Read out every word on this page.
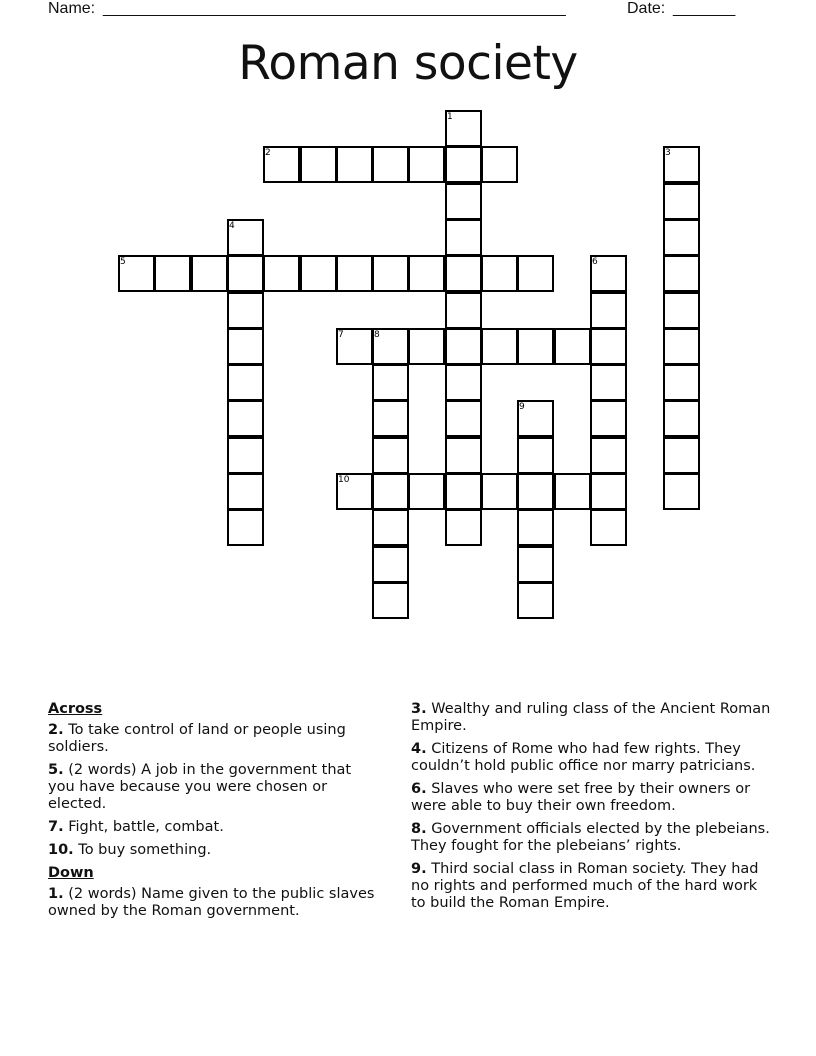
Name: ____________________________________________________	Date: _______
Roman society
1
2	3
4
5	6
7	8
9
10
Across
2. To take control of land or people using soldiers.
5. (2 words) A job in the government that you have because you were chosen or elected.
7. Fight, battle, combat.
10. To buy something.
Down
1. (2 words) Name given to the public slaves owned by the Roman government.
3. Wealthy and ruling class of the Ancient Roman Empire.
4. Citizens of Rome who had few rights. They couldn’t hold public office nor marry patricians.
6. Slaves who were set free by their owners or were able to buy their own freedom.
8. Government officials elected by the plebeians. They fought for the plebeians’ rights.
9. Third social class in Roman society. They had no rights and performed much of the hard work to build the Roman Empire.
